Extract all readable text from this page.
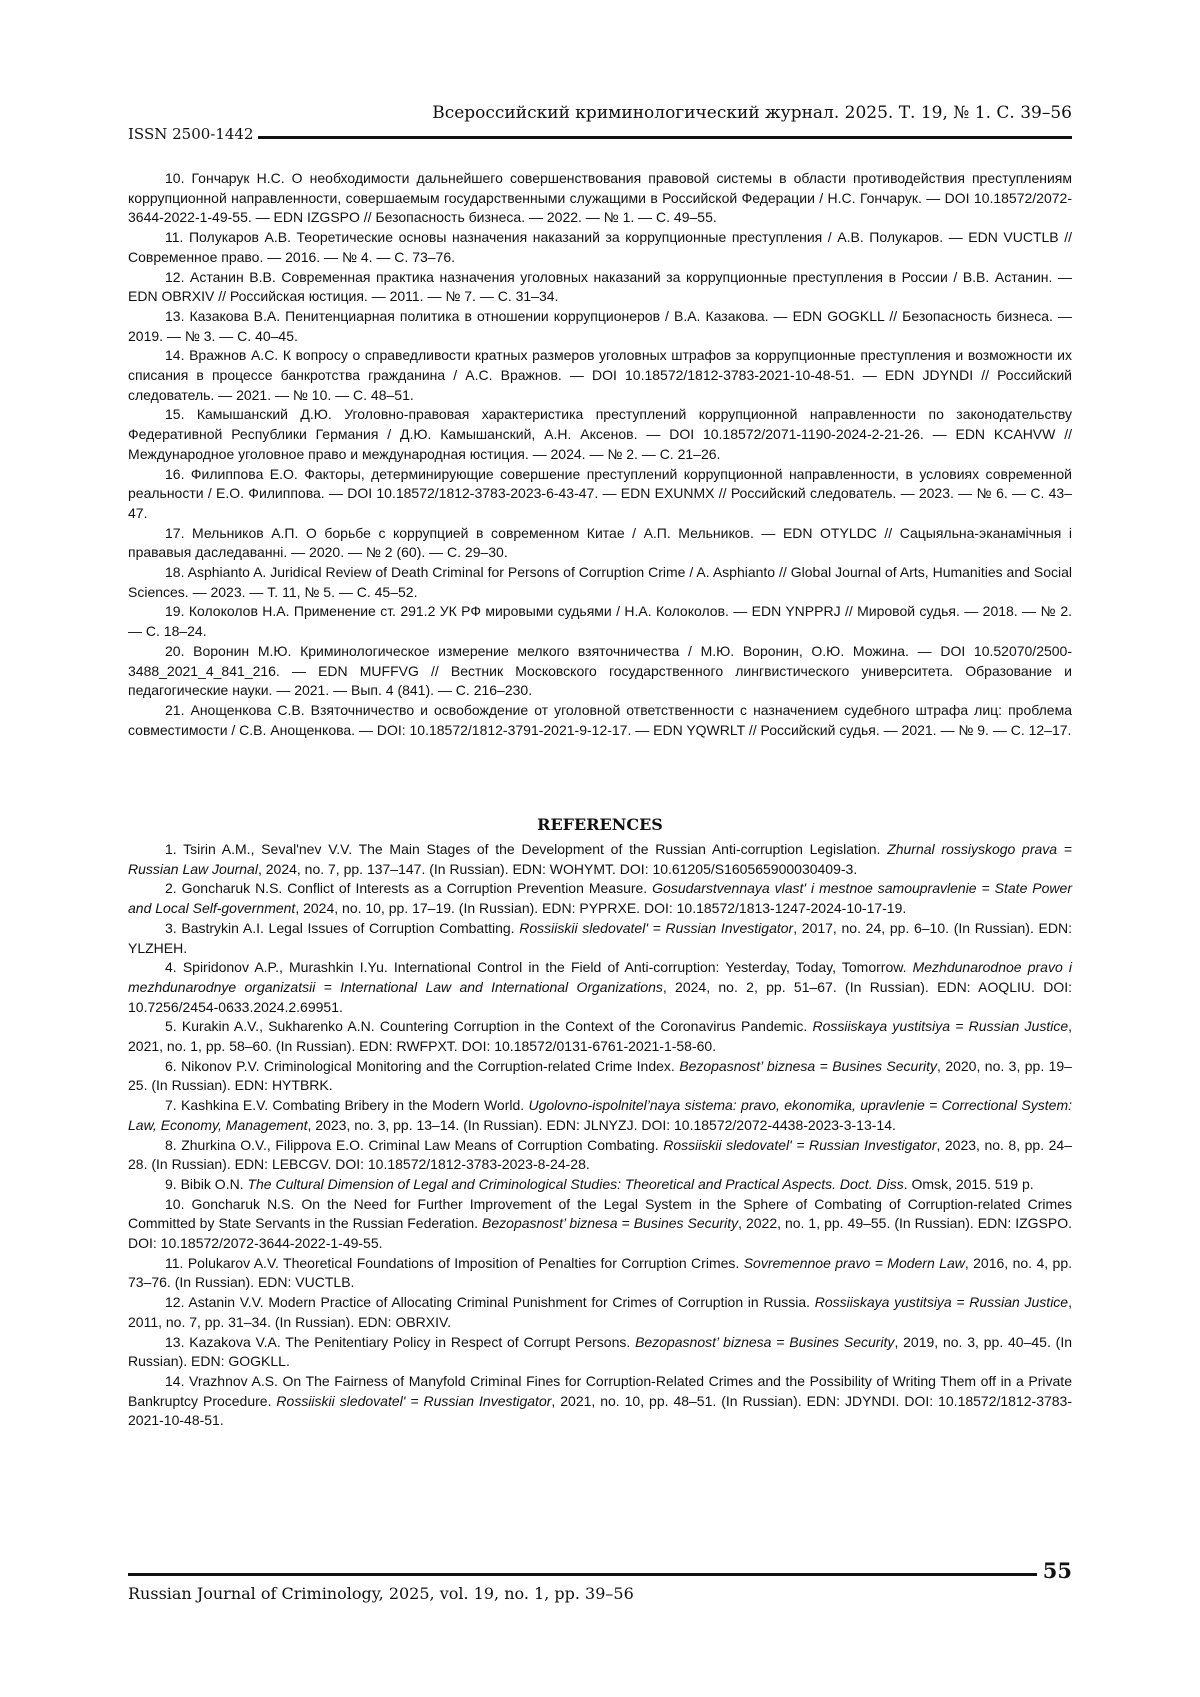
Всероссийский криминологический журнал. 2025. Т. 19, № 1. С. 39–56
ISSN 2500-1442

10. Гончарук Н.С. О необходимости дальнейшего совершенствования правовой системы в области противодействия преступлениям коррупционной направленности, совершаемым государственными служащими в Российской Федерации / Н.С. Гончарук. — DOI 10.18572/2072-3644-2022-1-49-55. — EDN IZGSPO // Безопасность бизнеса. — 2022. — № 1. — С. 49–55.

11. Полукаров А.В. Теоретические основы назначения наказаний за коррупционные преступления / А.В. Полукаров. — EDN VUCTLB // Современное право. — 2016. — № 4. — С. 73–76.

12. Астанин В.В. Современная практика назначения уголовных наказаний за коррупционные преступления в России / В.В. Астанин. — EDN OBRXIV // Российская юстиция. — 2011. — № 7. — С. 31–34.

13. Казакова В.А. Пенитенциарная политика в отношении коррупционеров / В.А. Казакова. — EDN GOGKLL // Безопасность бизнеса. — 2019. — № 3. — С. 40–45.

14. Вражнов А.С. К вопросу о справедливости кратных размеров уголовных штрафов за коррупционные преступления и возможности их списания в процессе банкротства гражданина / А.С. Вражнов. — DOI 10.18572/1812-3783-2021-10-48-51. — EDN JDYNDI // Российский следователь. — 2021. — № 10. — С. 48–51.

15. Камышанский Д.Ю. Уголовно-правовая характеристика преступлений коррупционной направленности по законодательству Федеративной Республики Германия / Д.Ю. Камышанский, А.Н. Аксенов. — DOI 10.18572/2071-1190-2024-2-21-26. — EDN KCAHVW // Международное уголовное право и международная юстиция. — 2024. — № 2. — С. 21–26.

16. Филиппова Е.О. Факторы, детерминирующие совершение преступлений коррупционной направленности, в условиях современной реальности / Е.О. Филиппова. — DOI 10.18572/1812-3783-2023-6-43-47. — EDN EXUNMX // Российский следователь. — 2023. — № 6. — С. 43–47.

17. Мельников А.П. О борьбе с коррупцией в современном Китае / А.П. Мельников. — EDN OTYLDC // Сацыяльна-эканамічныя і прававыя даследаванні. — 2020. — № 2 (60). — С. 29–30.

18. Asphianto A. Juridical Review of Death Criminal for Persons of Corruption Crime / A. Asphianto // Global Journal of Arts, Humanities and Social Sciences. — 2023. — Т. 11, № 5. — С. 45–52.

19. Колоколов Н.А. Применение ст. 291.2 УК РФ мировыми судьями / Н.А. Колоколов. — EDN YNPPRJ // Мировой судья. — 2018. — № 2. — С. 18–24.

20. Воронин М.Ю. Криминологическое измерение мелкого взяточничества / М.Ю. Воронин, О.Ю. Можина. — DOI 10.52070/2500-3488_2021_4_841_216. — EDN MUFFVG // Вестник Московского государственного лингвистического университета. Образование и педагогические науки. — 2021. — Вып. 4 (841). — С. 216–230.

21. Анощенкова С.В. Взяточничество и освобождение от уголовной ответственности с назначением судебного штрафа лиц: проблема совместимости / С.В. Анощенкова. — DOI: 10.18572/1812-3791-2021-9-12-17. — EDN YQWRLT // Российский судья. — 2021. — № 9. — С. 12–17.

REFERENCES

1. Tsirin A.M., Seval'nev V.V. The Main Stages of the Development of the Russian Anti-corruption Legislation. Zhurnal rossiyskogo prava = Russian Law Journal, 2024, no. 7, pp. 137–147. (In Russian). EDN: WOHYMT. DOI: 10.61205/S160565900030409-3.

2. Goncharuk N.S. Conflict of Interests as a Corruption Prevention Measure. Gosudarstvennaya vlast' i mestnoe samoupravlenie = State Power and Local Self-government, 2024, no. 10, pp. 17–19. (In Russian). EDN: PYPRXE. DOI: 10.18572/1813-1247-2024-10-17-19.

3. Bastrykin A.I. Legal Issues of Corruption Combatting. Rossiiskii sledovatel' = Russian Investigator, 2017, no. 24, pp. 6–10. (In Russian). EDN: YLZHEH.

4. Spiridonov A.P., Murashkin I.Yu. International Control in the Field of Anti-corruption: Yesterday, Today, Tomorrow. Mezhdunarodnoe pravo i mezhdunarodnye organizatsii = International Law and International Organizations, 2024, no. 2, pp. 51–67. (In Russian). EDN: AOQLIU. DOI: 10.7256/2454-0633.2024.2.69951.

5. Kurakin A.V., Sukharenko A.N. Countering Corruption in the Context of the Coronavirus Pandemic. Rossiiskaya yustitsiya = Russian Justice, 2021, no. 1, pp. 58–60. (In Russian). EDN: RWFPXT. DOI: 10.18572/0131-6761-2021-1-58-60.

6. Nikonov P.V. Criminological Monitoring and the Corruption-related Crime Index. Bezopasnost’ biznesa = Busines Security, 2020, no. 3, pp. 19–25. (In Russian). EDN: HYTBRK.

7. Kashkina E.V. Combating Bribery in the Modern World. Ugolovno-ispolnitel’naya sistema: pravo, ekonomika, upravlenie = Correctional System: Law, Economy, Management, 2023, no. 3, pp. 13–14. (In Russian). EDN: JLNYZJ. DOI: 10.18572/2072-4438-2023-3-13-14.

8. Zhurkina O.V., Filippova E.O. Criminal Law Means of Corruption Combating. Rossiiskii sledovatel' = Russian Investigator, 2023, no. 8, pp. 24–28. (In Russian). EDN: LEBCGV. DOI: 10.18572/1812-3783-2023-8-24-28.

9. Bibik O.N. The Cultural Dimension of Legal and Criminological Studies: Theoretical and Practical Aspects. Doct. Diss. Omsk, 2015. 519 p.

10. Goncharuk N.S. On the Need for Further Improvement of the Legal System in the Sphere of Combating of Corruption-related Crimes Committed by State Servants in the Russian Federation. Bezopasnost’ biznesa = Busines Security, 2022, no. 1, pp. 49–55. (In Russian). EDN: IZGSPO. DOI: 10.18572/2072-3644-2022-1-49-55.

11. Polukarov A.V. Theoretical Foundations of Imposition of Penalties for Corruption Crimes. Sovremennoe pravo = Modern Law, 2016, no. 4, pp. 73–76. (In Russian). EDN: VUCTLB.

12. Astanin V.V. Modern Practice of Allocating Criminal Punishment for Crimes of Corruption in Russia. Rossiiskaya yustitsiya = Russian Justice, 2011, no. 7, pp. 31–34. (In Russian). EDN: OBRXIV.

13. Kazakova V.A. The Penitentiary Policy in Respect of Corrupt Persons. Bezopasnost’ biznesa = Busines Security, 2019, no. 3, pp. 40–45. (In Russian). EDN: GOGKLL.

14. Vrazhnov A.S. On The Fairness of Manyfold Criminal Fines for Corruption-Related Crimes and the Possibility of Writing Them off in a Private Bankruptcy Procedure. Rossiiskii sledovatel' = Russian Investigator, 2021, no. 10, pp. 48–51. (In Russian). EDN: JDYNDI. DOI: 10.18572/1812-3783-2021-10-48-51.

55
Russian Journal of Criminology, 2025, vol. 19, no. 1, pp. 39–56
